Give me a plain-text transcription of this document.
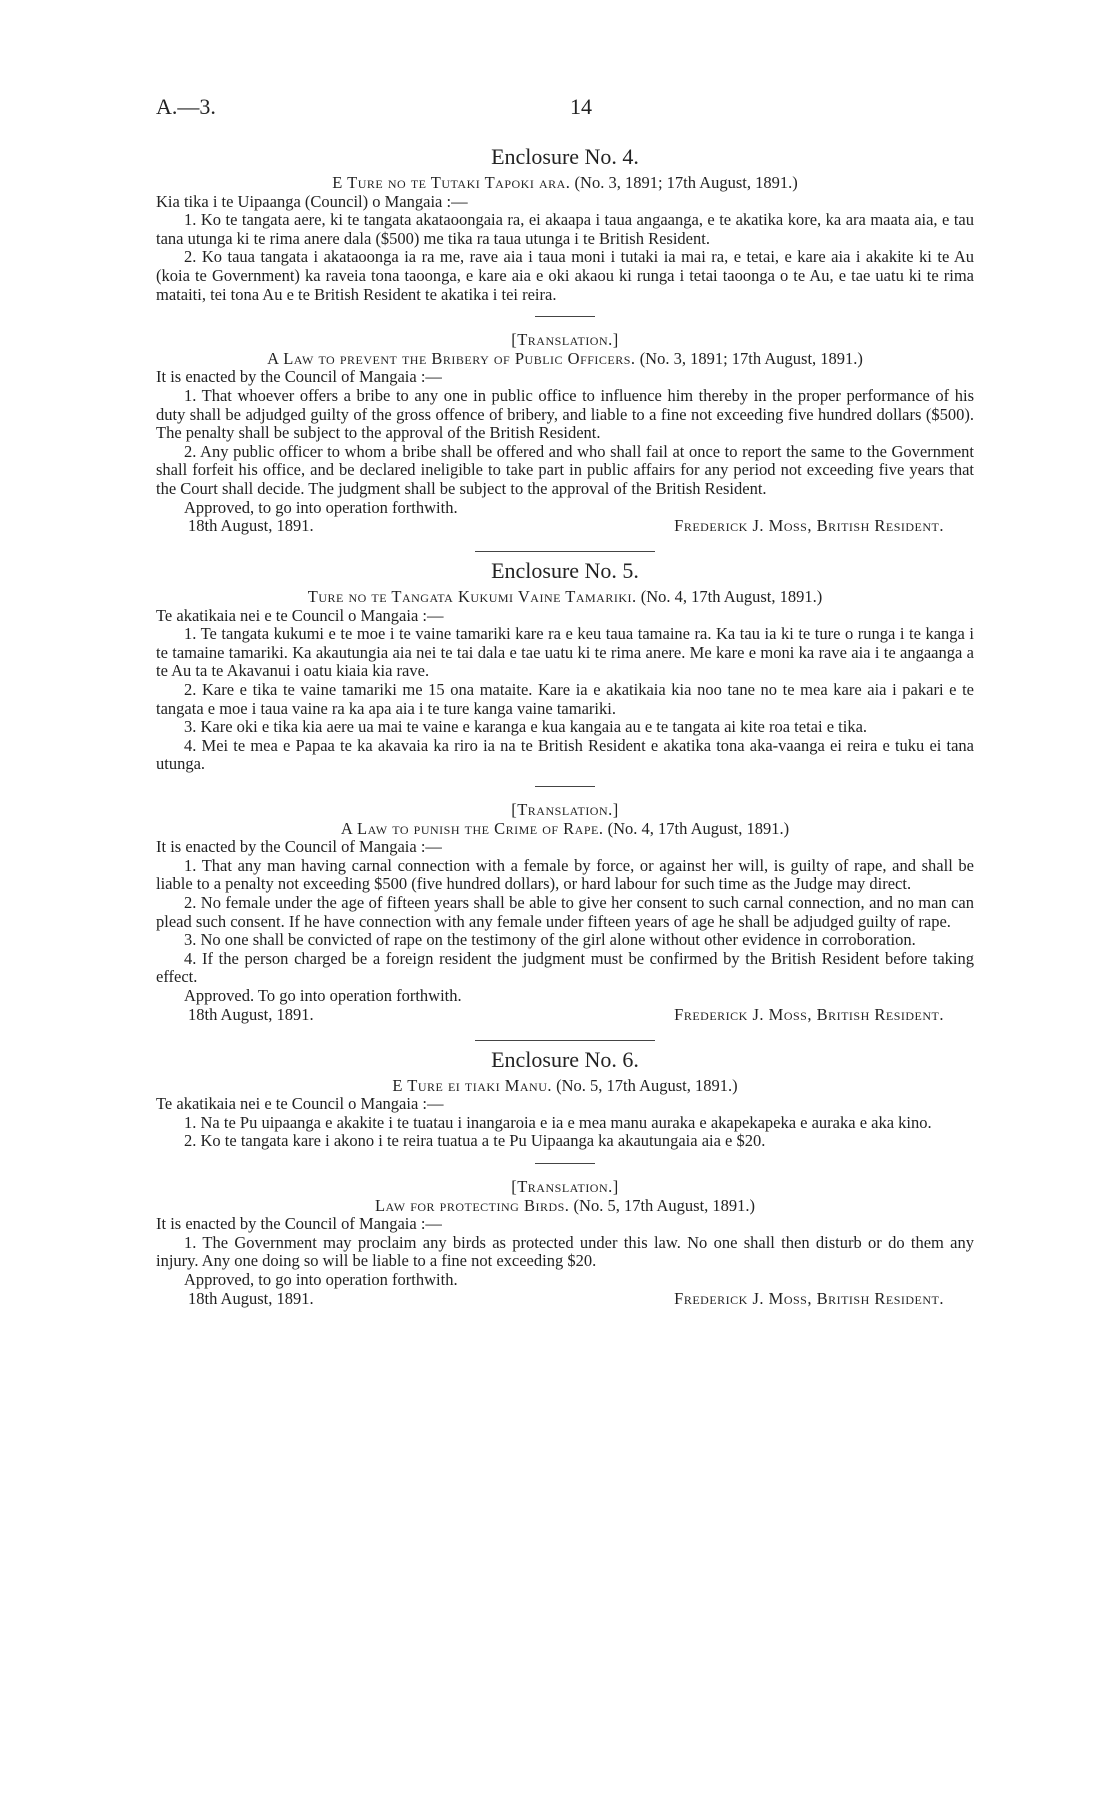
A.—3.	14
Enclosure No. 4.

E Ture no te Tutaki Tapoki ara. (No. 3, 1891; 17th August, 1891.)

Kia tika i te Uipaanga (Council) o Mangaia :—

1. Ko te tangata aere, ki te tangata akataoongaia ra, ei akaapa i taua angaanga, e te akatika kore, ka ara maata aia, e tau tana utunga ki te rima anere dala ($500) me tika ra taua utunga i te British Resident.

2. Ko taua tangata i akataoonga ia ra me, rave aia i taua moni i tutaki ia mai ra, e tetai, e kare aia i akakite ki te Au (koia te Government) ka raveia tona taoonga, e kare aia e oki akaou ki runga i tetai taoonga o te Au, e tae uatu ki te rima mataiti, tei tona Au e te British Resident te akatika i tei reira.

[Translation.]

A Law to prevent the Bribery of Public Officers. (No. 3, 1891; 17th August, 1891.)

It is enacted by the Council of Mangaia :—

1. That whoever offers a bribe to any one in public office to influence him thereby in the proper performance of his duty shall be adjudged guilty of the gross offence of bribery, and liable to a fine not exceeding five hundred dollars ($500). The penalty shall be subject to the approval of the British Resident.

2. Any public officer to whom a bribe shall be offered and who shall fail at once to report the same to the Government shall forfeit his office, and be declared ineligible to take part in public affairs for any period not exceeding five years that the Court shall decide. The judgment shall be subject to the approval of the British Resident.

Approved, to go into operation forthwith.

18th August, 1891.	Frederick J. Moss, British Resident.
Enclosure No. 5.

Ture no te Tangata Kukumi Vaine Tamariki. (No. 4, 17th August, 1891.)

Te akatikaia nei e te Council o Mangaia :—

1. Te tangata kukumi e te moe i te vaine tamariki kare ra e keu taua tamaine ra. Ka tau ia ki te ture o runga i te kanga i te tamaine tamariki. Ka akautungia aia nei te tai dala e tae uatu ki te rima anere. Me kare e moni ka rave aia i te angaanga a te Au ta te Akavanui i oatu kiaia kia rave.

2. Kare e tika te vaine tamariki me 15 ona mataite. Kare ia e akatikaia kia noo tane no te mea kare aia i pakari e te tangata e moe i taua vaine ra ka apa aia i te ture kanga vaine tamariki.

3. Kare oki e tika kia aere ua mai te vaine e karanga e kua kangaia au e te tangata ai kite roa tetai e tika.

4. Mei te mea e Papaa te ka akavaia ka riro ia na te British Resident e akatika tona aka-vaanga ei reira e tuku ei tana utunga.

[Translation.]

A Law to punish the Crime of Rape. (No. 4, 17th August, 1891.)

It is enacted by the Council of Mangaia :—

1. That any man having carnal connection with a female by force, or against her will, is guilty of rape, and shall be liable to a penalty not exceeding $500 (five hundred dollars), or hard labour for such time as the Judge may direct.

2. No female under the age of fifteen years shall be able to give her consent to such carnal connection, and no man can plead such consent. If he have connection with any female under fifteen years of age he shall be adjudged guilty of rape.

3. No one shall be convicted of rape on the testimony of the girl alone without other evidence in corroboration.

4. If the person charged be a foreign resident the judgment must be confirmed by the British Resident before taking effect.

Approved. To go into operation forthwith.

18th August, 1891.	Frederick J. Moss, British Resident.
Enclosure No. 6.

E Ture ei tiaki Manu. (No. 5, 17th August, 1891.)

Te akatikaia nei e te Council o Mangaia :—

1. Na te Pu uipaanga e akakite i te tuatau i inangaroia e ia e mea manu auraka e akapekapeka e auraka e aka kino.

2. Ko te tangata kare i akono i te reira tuatua a te Pu Uipaanga ka akautungaia aia e $20.

[Translation.]

Law for protecting Birds. (No. 5, 17th August, 1891.)

It is enacted by the Council of Mangaia :—

1. The Government may proclaim any birds as protected under this law. No one shall then disturb or do them any injury. Any one doing so will be liable to a fine not exceeding $20.

Approved, to go into operation forthwith.

18th August, 1891.	Frederick J. Moss, British Resident.
